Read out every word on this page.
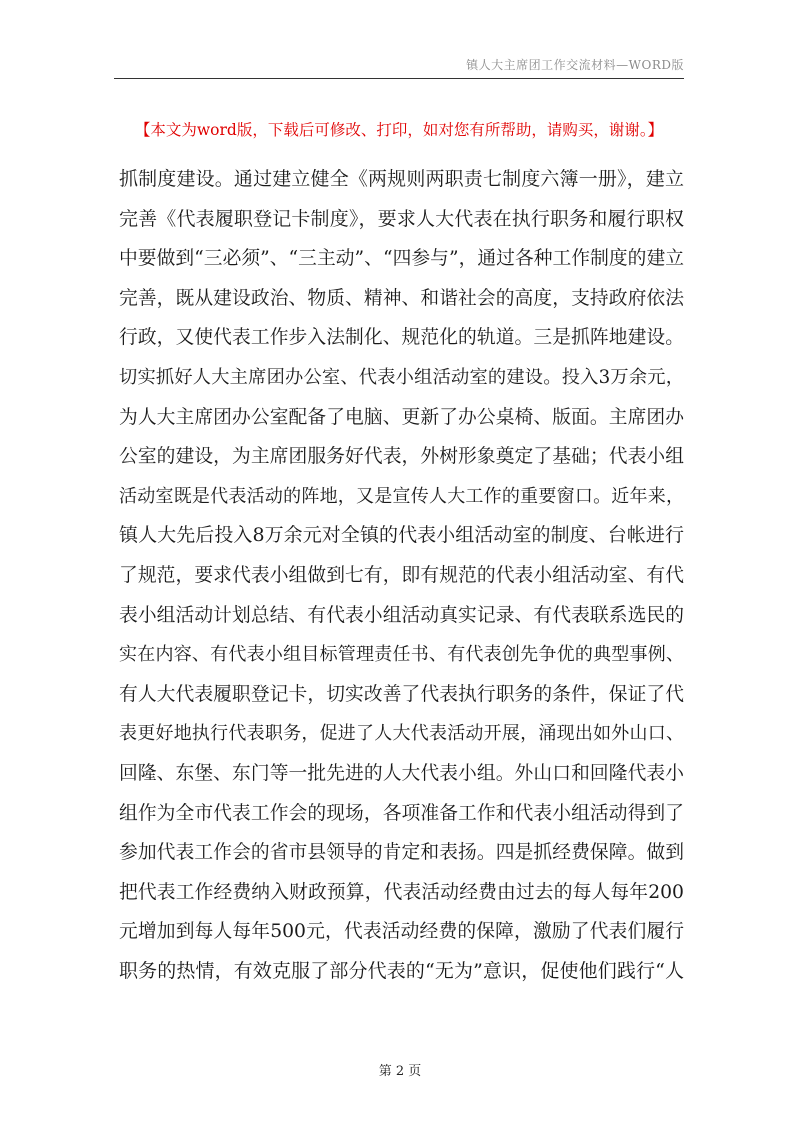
镇人大主席团工作交流材料—WORD版
【本文为word版，下载后可修改、打印，如对您有所帮助，请购买，谢谢。】
抓制度建设。通过建立健全《两规则两职责七制度六簿一册》，建立
完善《代表履职登记卡制度》，要求人大代表在执行职务和履行职权
中要做到“三必须”、“三主动”、“四参与”，通过各种工作制度的建立
完善，既从建设政治、物质、精神、和谐社会的高度，支持政府依法
行政，又使代表工作步入法制化、规范化的轨道。三是抓阵地建设。
切实抓好人大主席团办公室、代表小组活动室的建设。投入3万余元，
为人大主席团办公室配备了电脑、更新了办公桌椅、版面。主席团办
公室的建设，为主席团服务好代表，外树形象奠定了基础；代表小组
活动室既是代表活动的阵地，又是宣传人大工作的重要窗口。近年来，
镇人大先后投入8万余元对全镇的代表小组活动室的制度、台帐进行
了规范，要求代表小组做到七有，即有规范的代表小组活动室、有代
表小组活动计划总结、有代表小组活动真实记录、有代表联系选民的
实在内容、有代表小组目标管理责任书、有代表创先争优的典型事例、
有人大代表履职登记卡，切实改善了代表执行职务的条件，保证了代
表更好地执行代表职务，促进了人大代表活动开展，涌现出如外山口、
回隆、东堡、东门等一批先进的人大代表小组。外山口和回隆代表小
组作为全市代表工作会的现场，各项准备工作和代表小组活动得到了
参加代表工作会的省市县领导的肯定和表扬。四是抓经费保障。做到
把代表工作经费纳入财政预算，代表活动经费由过去的每人每年200
元增加到每人每年500元，代表活动经费的保障，激励了代表们履行
职务的热情，有效克服了部分代表的“无为”意识，促使他们践行“人
第 2 页
